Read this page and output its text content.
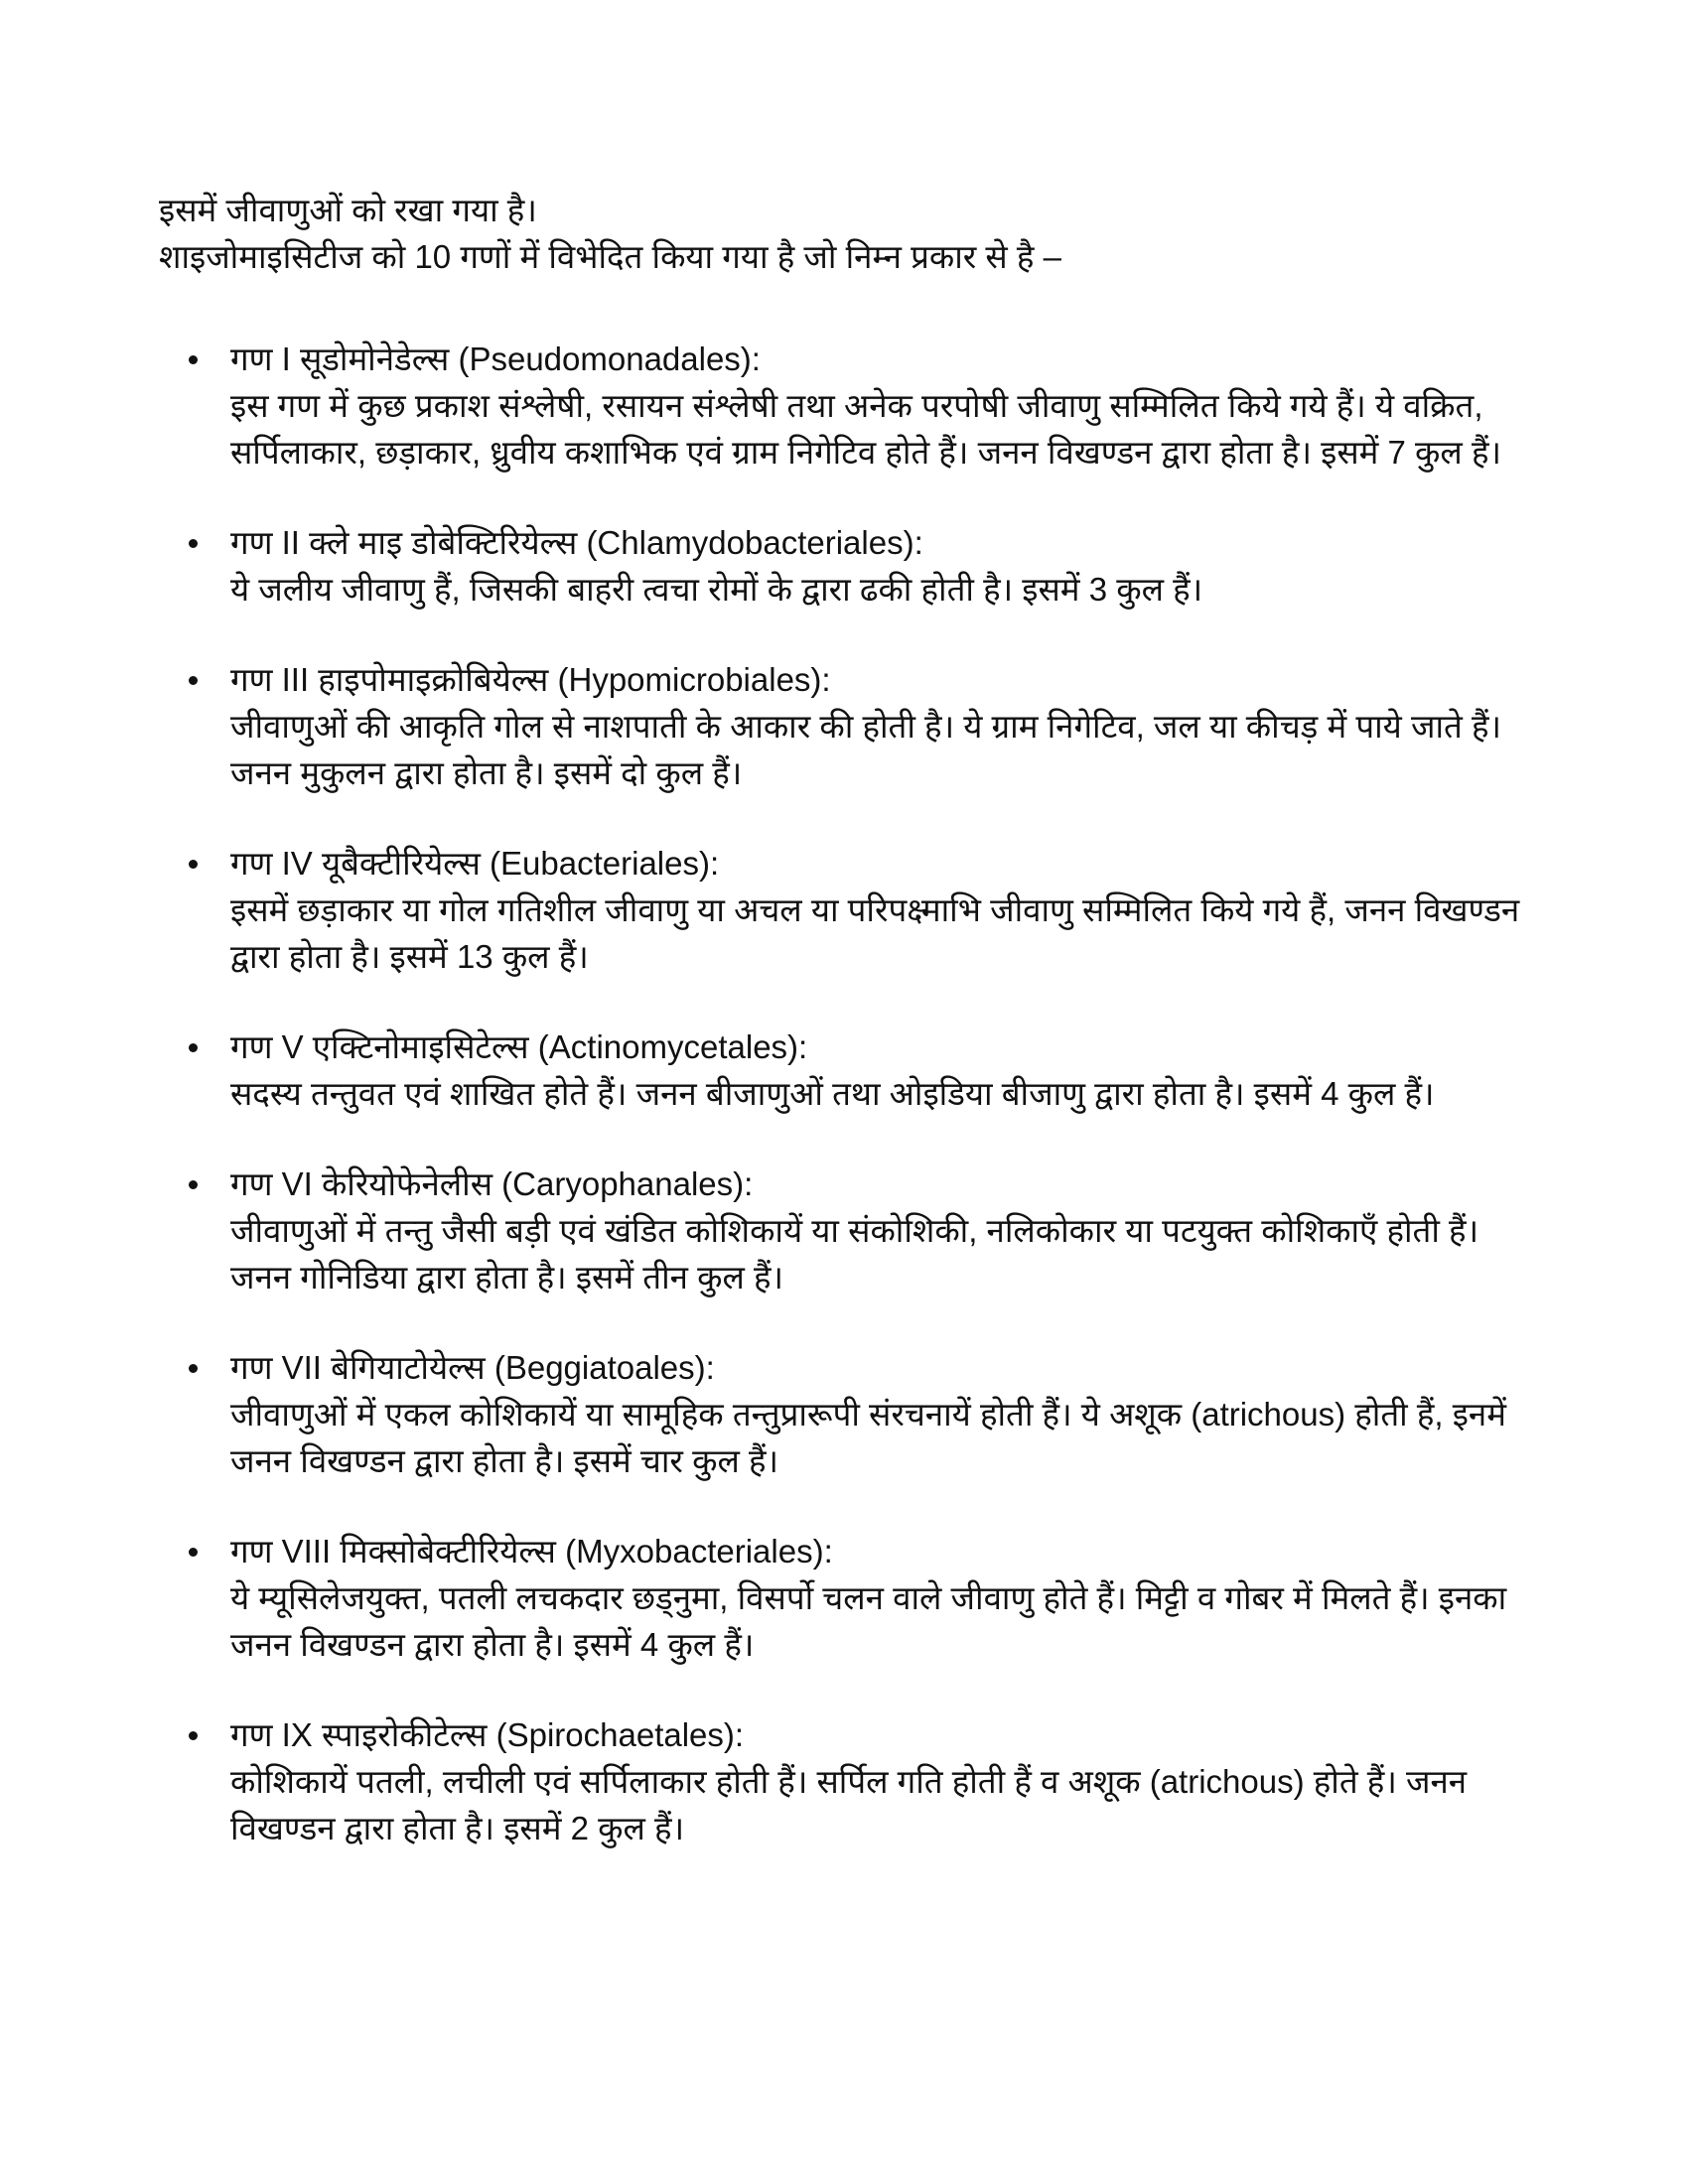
इसमें जीवाणुओं को रखा गया है।

शाइजोमाइसिटीज को 10 गणों में विभेदित किया गया है जो निम्न प्रकार से है –

गण I सूडोमोनेडेल्स (Pseudomonadales):
इस गण में कुछ प्रकाश संश्लेषी, रसायन संश्लेषी तथा अनेक परपोषी जीवाणु सम्मिलित किये गये हैं। ये वक्रित, सर्पिलाकार, छड़ाकार, ध्रुवीय कशाभिक एवं ग्राम निगेटिव होते हैं। जनन विखण्डन द्वारा होता है। इसमें 7 कुल हैं।
गण II क्ले माइ डोबेक्टिरियेल्स (Chlamydobacteriales):
ये जलीय जीवाणु हैं, जिसकी बाहरी त्वचा रोमों के द्वारा ढकी होती है। इसमें 3 कुल हैं।
गण III हाइपोमाइक्रोबियेल्स (Hypomicrobiales):
जीवाणुओं की आकृति गोल से नाशपाती के आकार की होती है। ये ग्राम निगेटिव, जल या कीचड़ में पाये जाते हैं। जनन मुकुलन द्वारा होता है। इसमें दो कुल हैं।
गण IV यूबैक्टीरियेल्स (Eubacteriales):
इसमें छड़ाकार या गोल गतिशील जीवाणु या अचल या परिपक्ष्माभि जीवाणु सम्मिलित किये गये हैं, जनन विखण्डन द्वारा होता है। इसमें 13 कुल हैं।
गण V एक्टिनोमाइसिटेल्स (Actinomycetales):
सदस्य तन्तुवत एवं शाखित होते हैं। जनन बीजाणुओं तथा ओइडिया बीजाणु द्वारा होता है। इसमें 4 कुल हैं।
गण VI केरियोफेनेलीस (Caryophanales):
जीवाणुओं में तन्तु जैसी बड़ी एवं खंडित कोशिकायें या संकोशिकी, नलिकोकार या पटयुक्त कोशिकाएँ होती हैं। जनन गोनिडिया द्वारा होता है। इसमें तीन कुल हैं।
गण VII बेगियाटोयेल्स (Beggiatoales):
जीवाणुओं में एकल कोशिकायें या सामूहिक तन्तुप्रारूपी संरचनायें होती हैं। ये अशूक (atrichous) होती हैं, इनमें जनन विखण्डन द्वारा होता है। इसमें चार कुल हैं।
गण VIII मिक्सोबेक्टीरियेल्स (Myxobacteriales):
ये म्यूसिलेजयुक्त, पतली लचकदार छड्नुमा, विसर्पो चलन वाले जीवाणु होते हैं। मिट्टी व गोबर में मिलते हैं। इनका जनन विखण्डन द्वारा होता है। इसमें 4 कुल हैं।
गण IX स्पाइरोकीटेल्स (Spirochaetales):
कोशिकायें पतली, लचीली एवं सर्पिलाकार होती हैं। सर्पिल गति होती हैं व अशूक (atrichous) होते हैं। जनन विखण्डन द्वारा होता है। इसमें 2 कुल हैं।
